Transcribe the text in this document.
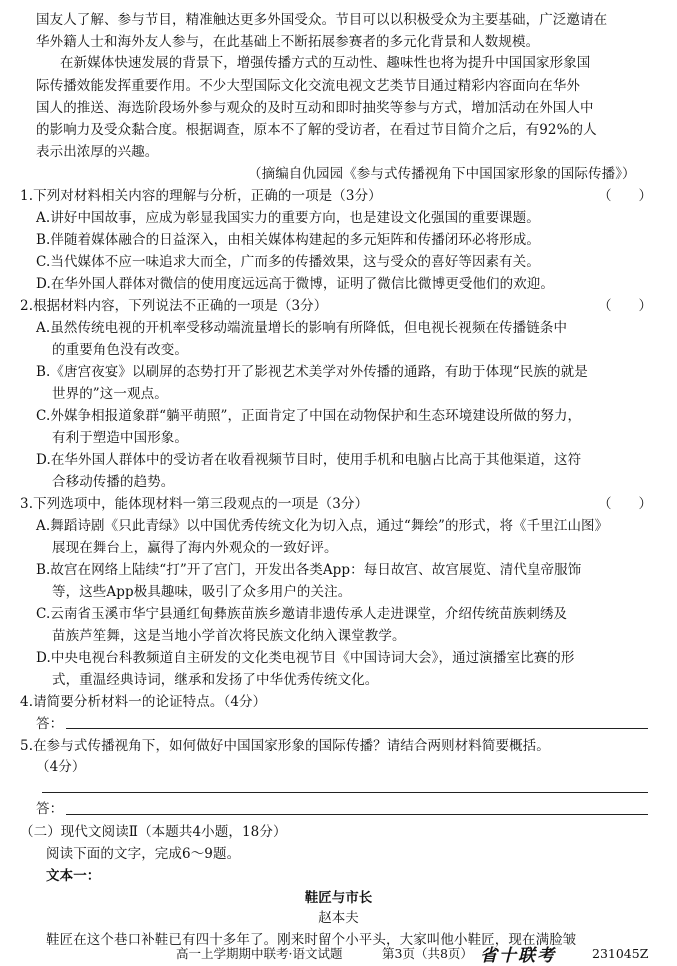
国友人了解、参与节目，精准触达更多外国受众。节目可以以积极受众为主要基础，广泛邀请在
华外籍人士和海外友人参与，在此基础上不断拓展参赛者的多元化背景和人数规模。
在新媒体快速发展的背景下，增强传播方式的互动性、趣味性也将为提升中国国家形象国
际传播效能发挥重要作用。不少大型国际文化交流电视文艺类节目通过精彩内容面向在华外
国人的推送、海选阶段场外参与观众的及时互动和即时抽奖等参与方式，增加活动在外国人中
的影响力及受众黏合度。根据调查，原本不了解的受访者，在看过节目简介之后，有92%的人
表示出浓厚的兴趣。
（摘编自仇园园《参与式传播视角下中国国家形象的国际传播》）
1.下列对材料相关内容的理解与分析，正确的一项是（3分）	（　　）
A.讲好中国故事，应成为彰显我国实力的重要方向，也是建设文化强国的重要课题。
B.伴随着媒体融合的日益深入，由相关媒体构建起的多元矩阵和传播闭环必将形成。
C.当代媒体不应一味追求大而全，广而多的传播效果，这与受众的喜好等因素有关。
D.在华外国人群体对微信的使用度远远高于微博，证明了微信比微博更受他们的欢迎。
2.根据材料内容，下列说法不正确的一项是（3分）	（　　）
A.虽然传统电视的开机率受移动端流量增长的影响有所降低，但电视长视频在传播链条中
的重要角色没有改变。
B.《唐宫夜宴》以刷屏的态势打开了影视艺术美学对外传播的通路，有助于体现“民族的就是
世界的”这一观点。
C.外媒争相报道象群“躺平萌照”，正面肯定了中国在动物保护和生态环境建设所做的努力，
有利于塑造中国形象。
D.在华外国人群体中的受访者在收看视频节目时，使用手机和电脑占比高于其他渠道，这符
合移动传播的趋势。
3.下列选项中，能体现材料一第三段观点的一项是（3分）	（　　）
A.舞蹈诗剧《只此青绿》以中国优秀传统文化为切入点，通过“舞绘”的形式，将《千里江山图》
展现在舞台上，赢得了海内外观众的一致好评。
B.故宫在网络上陆续“打”开了宫门，开发出各类App：每日故宫、故宫展览、清代皇帝服饰
等，这些App极具趣味，吸引了众多用户的关注。
C.云南省玉溪市华宁县通红甸彝族苗族乡邀请非遗传承人走进课堂，介绍传统苗族刺绣及
苗族芦笙舞，这是当地小学首次将民族文化纳入课堂教学。
D.中央电视台科教频道自主研发的文化类电视节目《中国诗词大会》，通过演播室比赛的形
式，重温经典诗词，继承和发扬了中华优秀传统文化。
4.请简要分析材料一的论证特点。（4分）
答：
5.在参与式传播视角下，如何做好中国国家形象的国际传播？请结合两则材料简要概括。
（4分）
答：
（二）现代文阅读Ⅱ（本题共4小题，18分）
阅读下面的文字，完成6～9题。
文本一：
鞋匠与市长
赵本夫
鞋匠在这个巷口补鞋已有四十多年了。刚来时留个小平头，大家叫他小鞋匠，现在满脸皱
高一上学期期中联考·语文试题	第3页（共8页） 省十联考	231045Z
